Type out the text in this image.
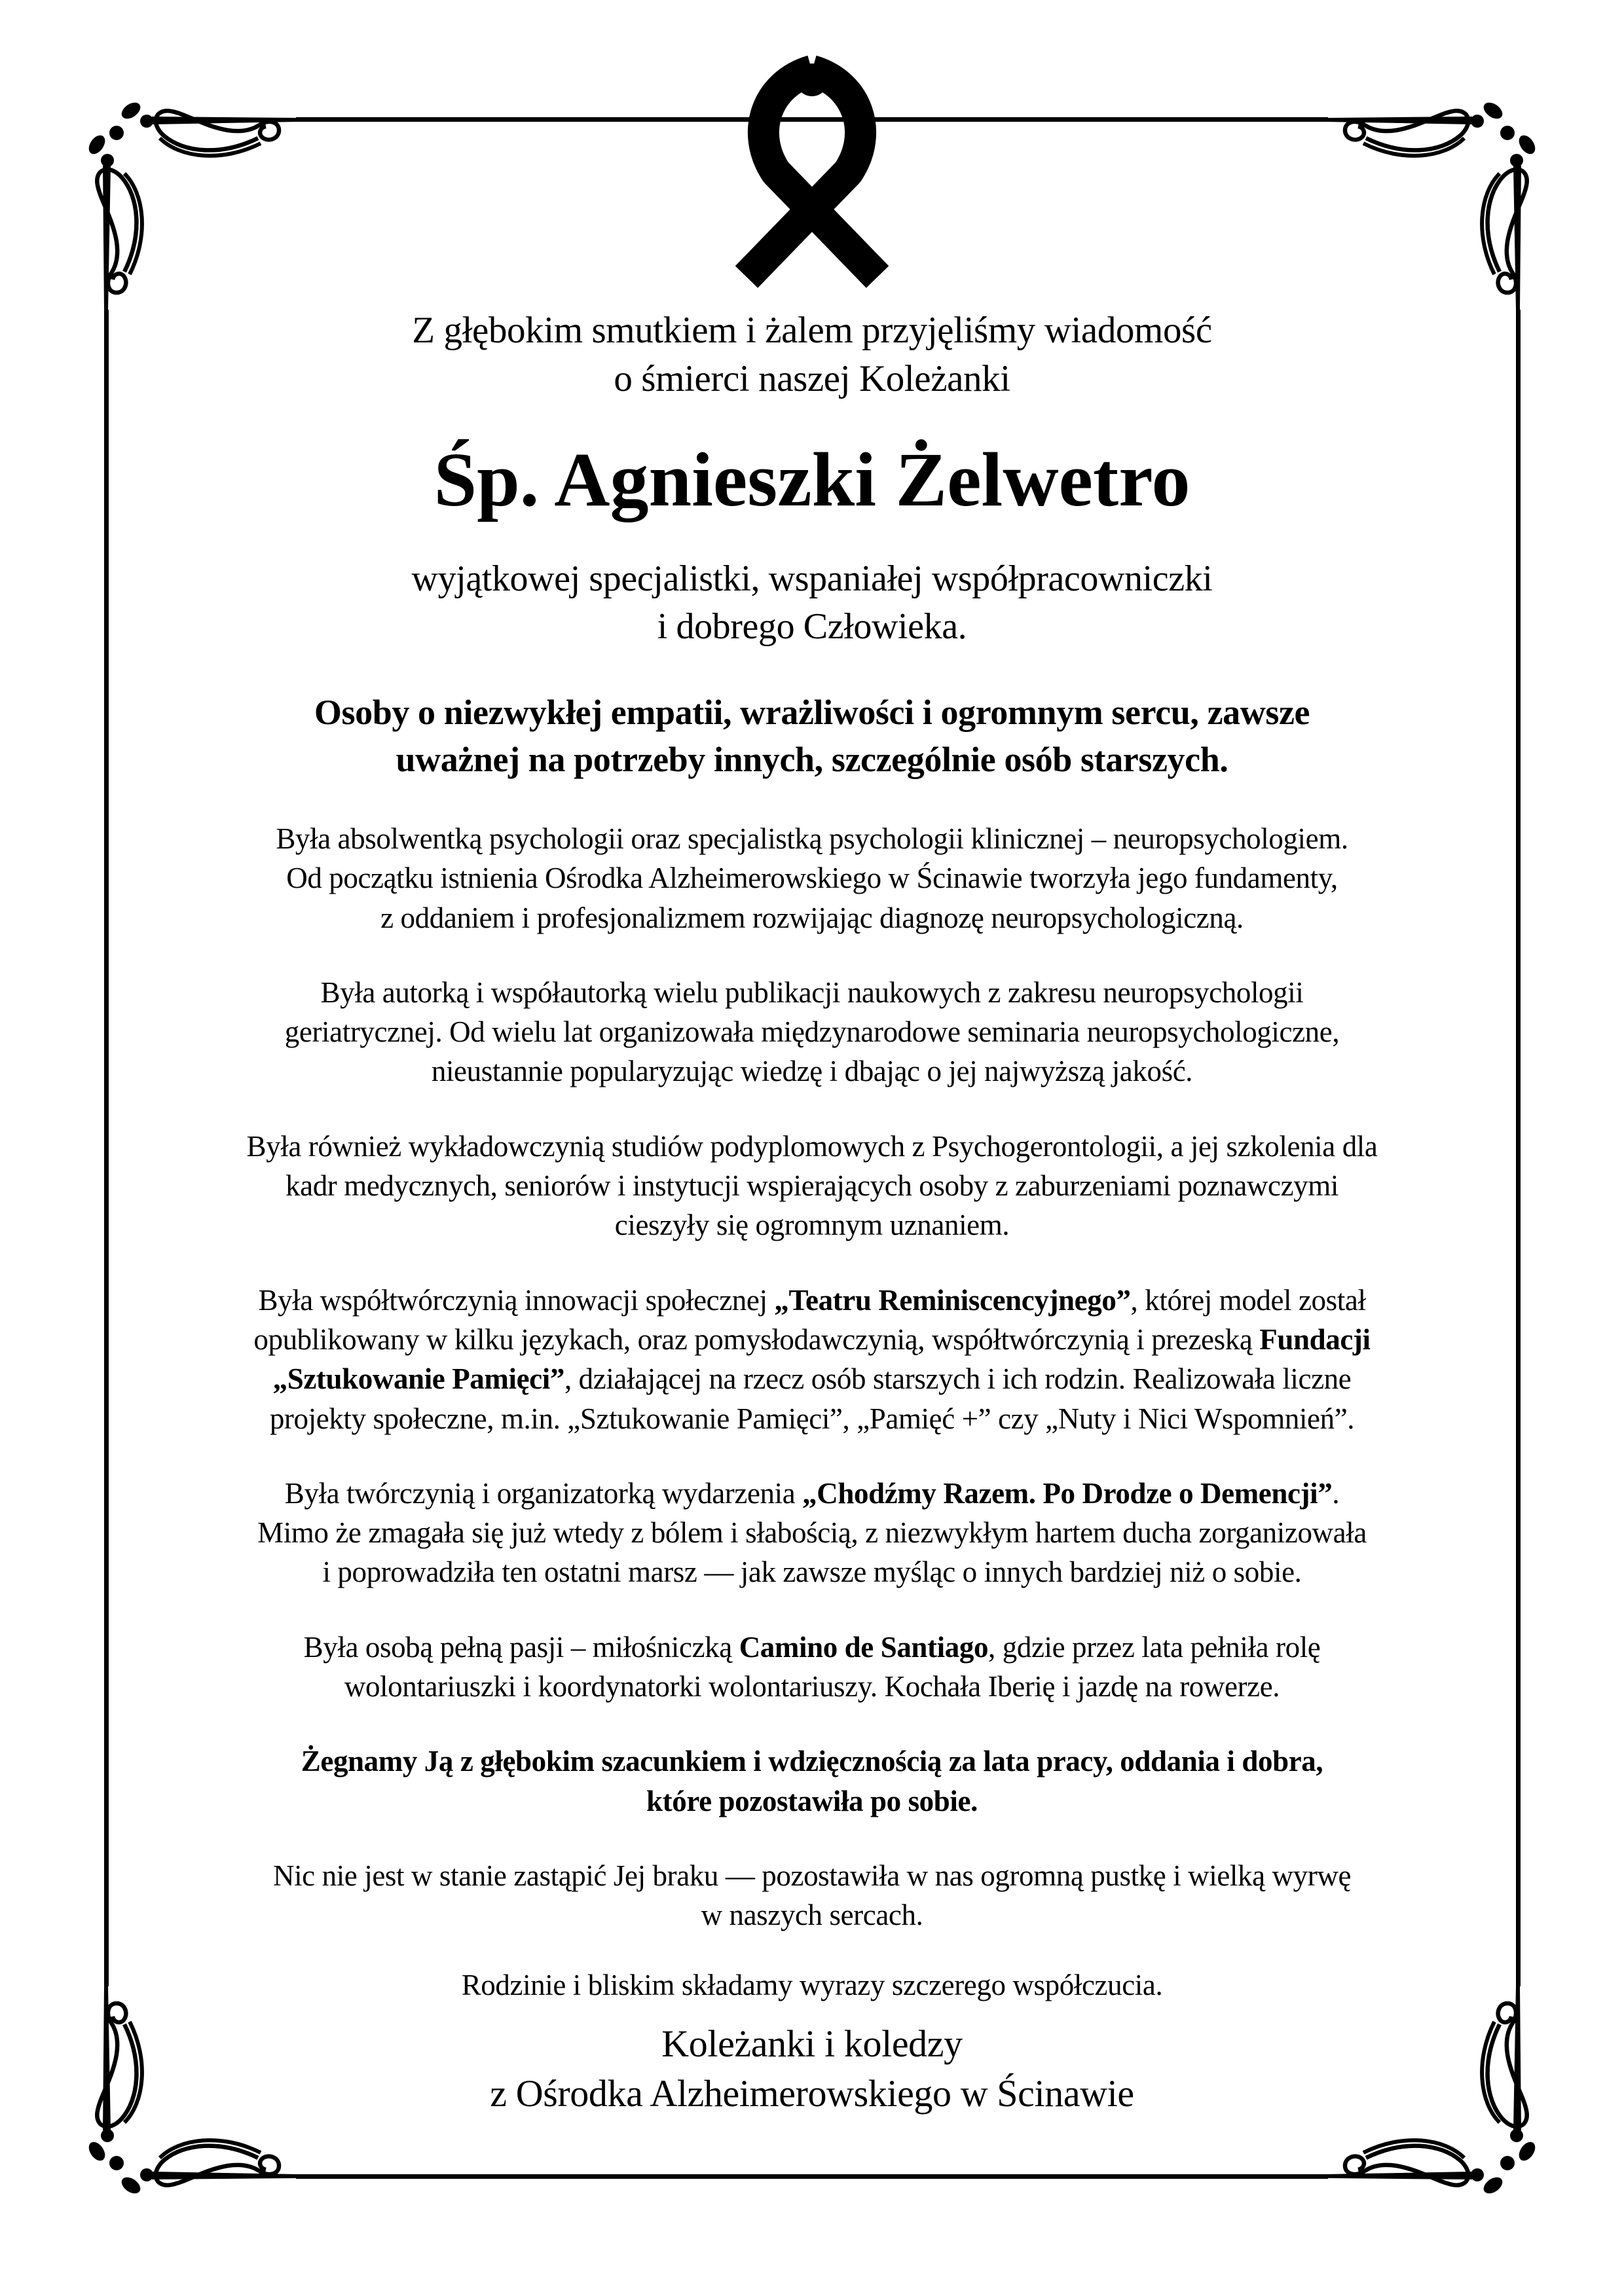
Z głębokim smutkiem i żalem przyjęliśmy wiadomość
o śmierci naszej Koleżanki
Śp. Agnieszki Żelwetro
wyjątkowej specjalistki, wspaniałej współpracowniczki
i dobrego Człowieka.
Osoby o niezwykłej empatii, wrażliwości i ogromnym sercu, zawsze
uważnej na potrzeby innych, szczególnie osób starszych.
Była absolwentką psychologii oraz specjalistką psychologii klinicznej – neuropsychologiem.
Od początku istnienia Ośrodka Alzheimerowskiego w Ścinawie tworzyła jego fundamenty,
z oddaniem i profesjonalizmem rozwijając diagnozę neuropsychologiczną.
Była autorką i współautorką wielu publikacji naukowych z zakresu neuropsychologii
geriatrycznej. Od wielu lat organizowała międzynarodowe seminaria neuropsychologiczne,
nieustannie popularyzując wiedzę i dbając o jej najwyższą jakość.
Była również wykładowczynią studiów podyplomowych z Psychogerontologii, a jej szkolenia dla
kadr medycznych, seniorów i instytucji wspierających osoby z zaburzeniami poznawczymi
cieszyły się ogromnym uznaniem.
Była współtwórczynią innowacji społecznej „Teatru Reminiscencyjnego”, której model został
opublikowany w kilku językach, oraz pomysłodawczynią, współtwórczynią i prezeską Fundacji
„Sztukowanie Pamięci”, działającej na rzecz osób starszych i ich rodzin. Realizowała liczne
projekty społeczne, m.in. „Sztukowanie Pamięci”, „Pamięć +” czy „Nuty i Nici Wspomnień”.
Była twórczynią i organizatorką wydarzenia „Chodźmy Razem. Po Drodze o Demencji”.
Mimo że zmagała się już wtedy z bólem i słabością, z niezwykłym hartem ducha zorganizowała
i poprowadziła ten ostatni marsz — jak zawsze myśląc o innych bardziej niż o sobie.
Była osobą pełną pasji – miłośniczką Camino de Santiago, gdzie przez lata pełniła rolę
wolontariuszki i koordynatorki wolontariuszy. Kochała Iberię i jazdę na rowerze.
Żegnamy Ją z głębokim szacunkiem i wdzięcznością za lata pracy, oddania i dobra,
które pozostawiła po sobie.
Nic nie jest w stanie zastąpić Jej braku — pozostawiła w nas ogromną pustkę i wielką wyrwę
w naszych sercach.
Rodzinie i bliskim składamy wyrazy szczerego współczucia.
Koleżanki i koledzy
z Ośrodka Alzheimerowskiego w Ścinawie
